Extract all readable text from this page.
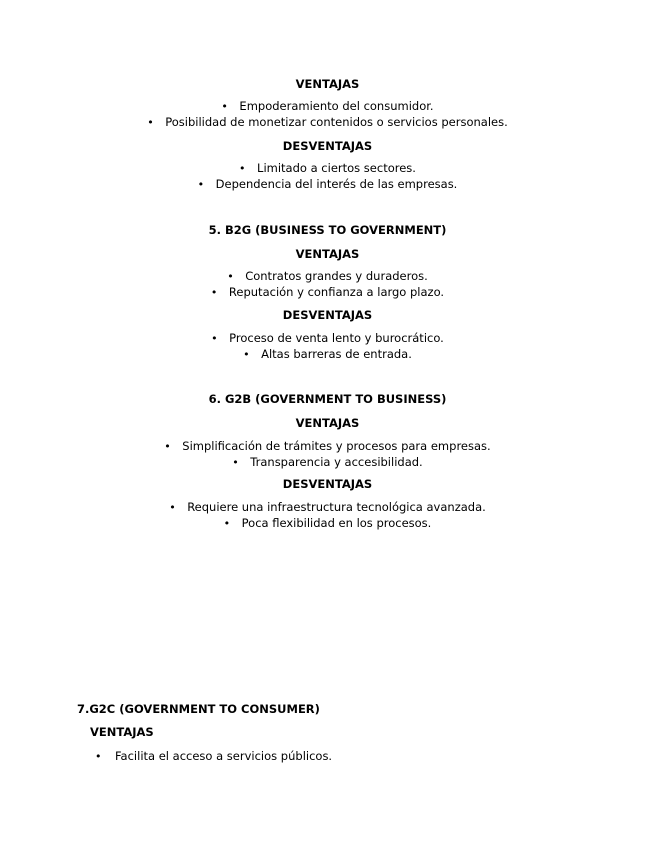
VENTAJAS
•Empoderamiento del consumidor.
•Posibilidad de monetizar contenidos o servicios personales.
DESVENTAJAS
•Limitado a ciertos sectores.
•Dependencia del interés de las empresas.
5. B2G (BUSINESS TO GOVERNMENT)
VENTAJAS
•Contratos grandes y duraderos.
•Reputación y confianza a largo plazo.
DESVENTAJAS
•Proceso de venta lento y burocrático.
•Altas barreras de entrada.
6. G2B (GOVERNMENT TO BUSINESS)
VENTAJAS
•Simplificación de trámites y procesos para empresas.
•Transparencia y accesibilidad.
DESVENTAJAS
•Requiere una infraestructura tecnológica avanzada.
•Poca flexibilidad en los procesos.
7.G2C (GOVERNMENT TO CONSUMER)
VENTAJAS
•Facilita el acceso a servicios públicos.
